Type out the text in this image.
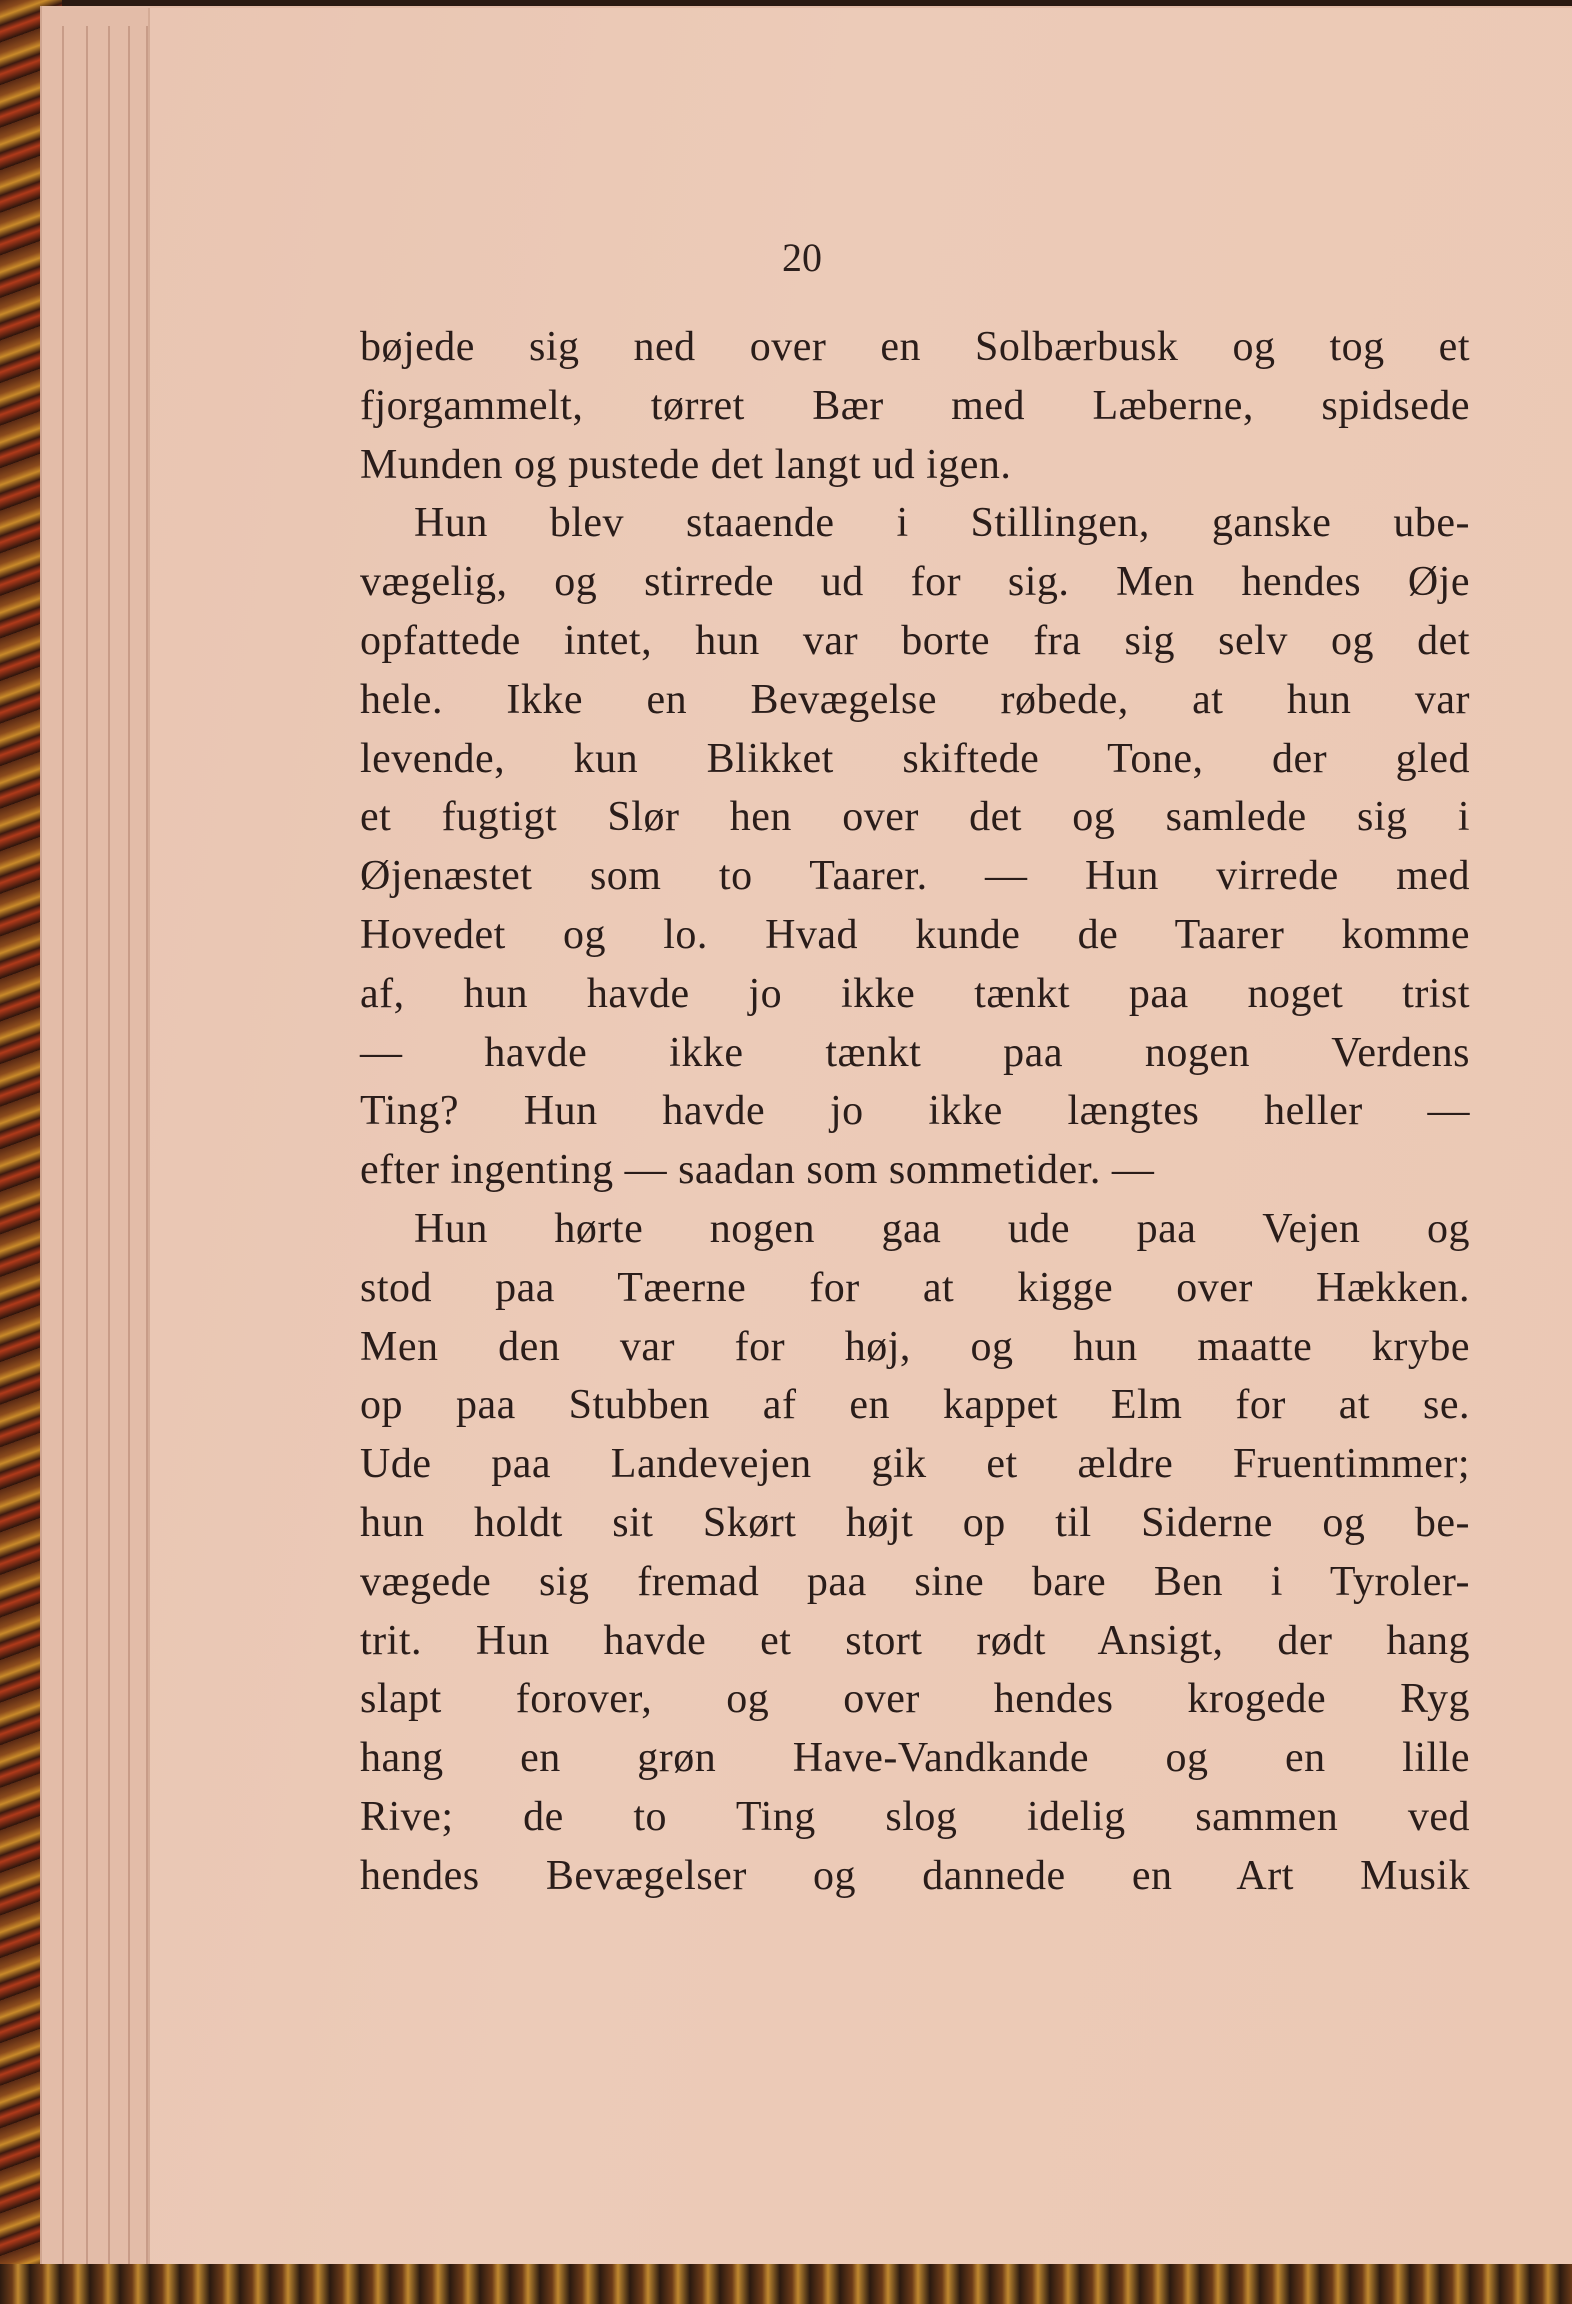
20
bøjede sig ned over en Solbærbusk og tog et
fjorgammelt, tørret Bær med Læberne, spidsede
Munden og pustede det langt ud igen.
Hun blev staaende i Stillingen, ganske ube-
vægelig, og stirrede ud for sig. Men hendes Øje
opfattede intet, hun var borte fra sig selv og det
hele. Ikke en Bevægelse røbede, at hun var
levende, kun Blikket skiftede Tone, der gled
et fugtigt Slør hen over det og samlede sig i
Øjenæstet som to Taarer. — Hun virrede med
Hovedet og lo. Hvad kunde de Taarer komme
af, hun havde jo ikke tænkt paa noget trist
— havde ikke tænkt paa nogen Verdens
Ting? Hun havde jo ikke længtes heller —
efter ingenting — saadan som sommetider. —
Hun hørte nogen gaa ude paa Vejen og
stod paa Tæerne for at kigge over Hækken.
Men den var for høj, og hun maatte krybe
op paa Stubben af en kappet Elm for at se.
Ude paa Landevejen gik et ældre Fruentimmer;
hun holdt sit Skørt højt op til Siderne og be-
vægede sig fremad paa sine bare Ben i Tyroler-
trit. Hun havde et stort rødt Ansigt, der hang
slapt forover, og over hendes krogede Ryg
hang en grøn Have-Vandkande og en lille
Rive; de to Ting slog idelig sammen ved
hendes Bevægelser og dannede en Art Musik
